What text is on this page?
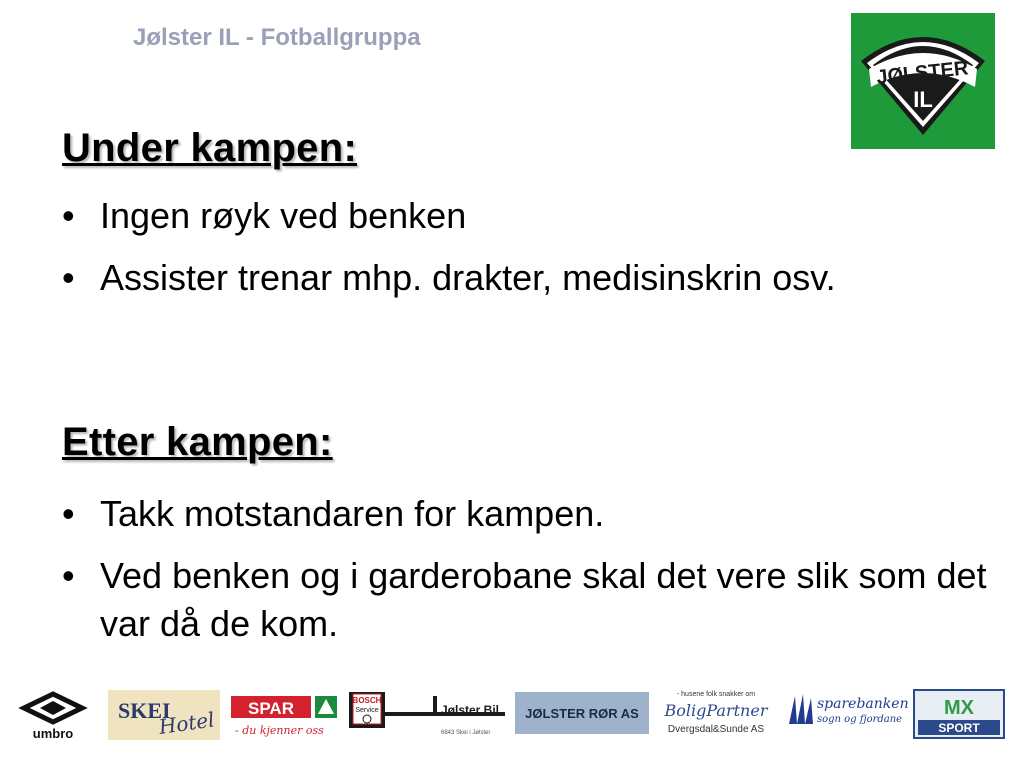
Jølster IL - Fotballgruppa
JØLSTER
IL
Under kampen:
• Ingen røyk ved benken
• Assister trenar mhp. drakter, medisinskrin osv.
Etter kampen:
• Takk motstandaren for kampen.
• Ved benken og i garderobane skal det vere slik som det var då de kom.
umbro
SKEI
Hotel SPAR
- du kjenner oss
BOSCH
Service	Jølster Bil
6843 Skei i Jølster
JØLSTER RØR AS
- husene folk snakker om
BoligPartner
Dvergsdal&Sunde AS
sparebanken
sogn og fjordane
MX
SPORT
